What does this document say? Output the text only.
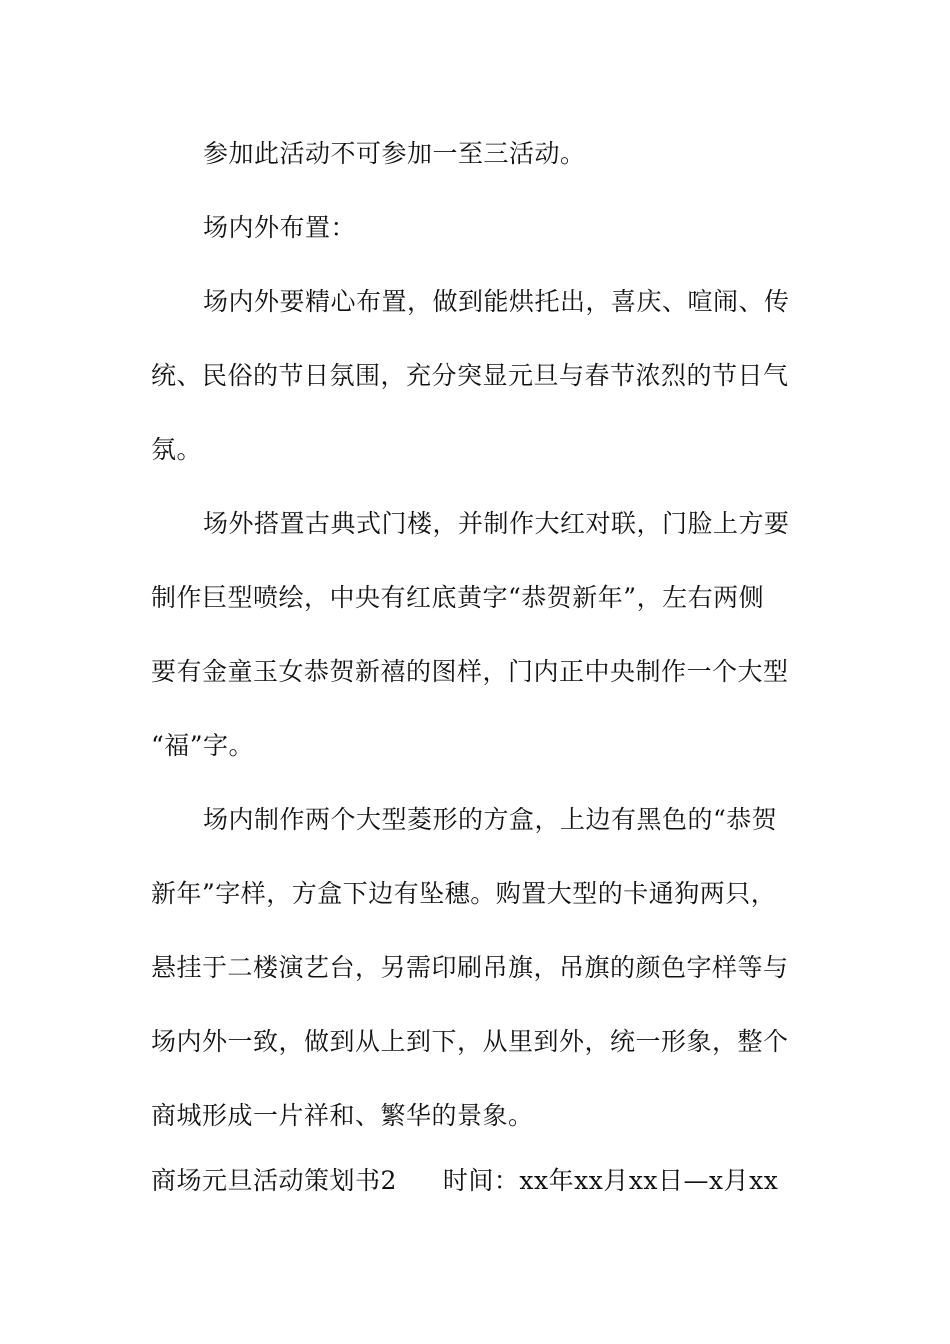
参加此活动不可参加一至三活动。
场内外布置：
场内外要精心布置，做到能烘托出，喜庆、喧闹、传
统、民俗的节日氛围，充分突显元旦与春节浓烈的节日气
氛。
场外搭置古典式门楼，并制作大红对联，门脸上方要
制作巨型喷绘，中央有红底黄字“恭贺新年”，左右两侧
要有金童玉女恭贺新禧的图样，门内正中央制作一个大型
“福”字。
场内制作两个大型菱形的方盒，上边有黑色的“恭贺
新年”字样，方盒下边有坠穗。购置大型的卡通狗两只，
悬挂于二楼演艺台，另需印刷吊旗，吊旗的颜色字样等与
场内外一致，做到从上到下，从里到外，统一形象，整个
商城形成一片祥和、繁华的景象。
商场元旦活动策划书2 时间：xx年xx月xx日—x月xx
